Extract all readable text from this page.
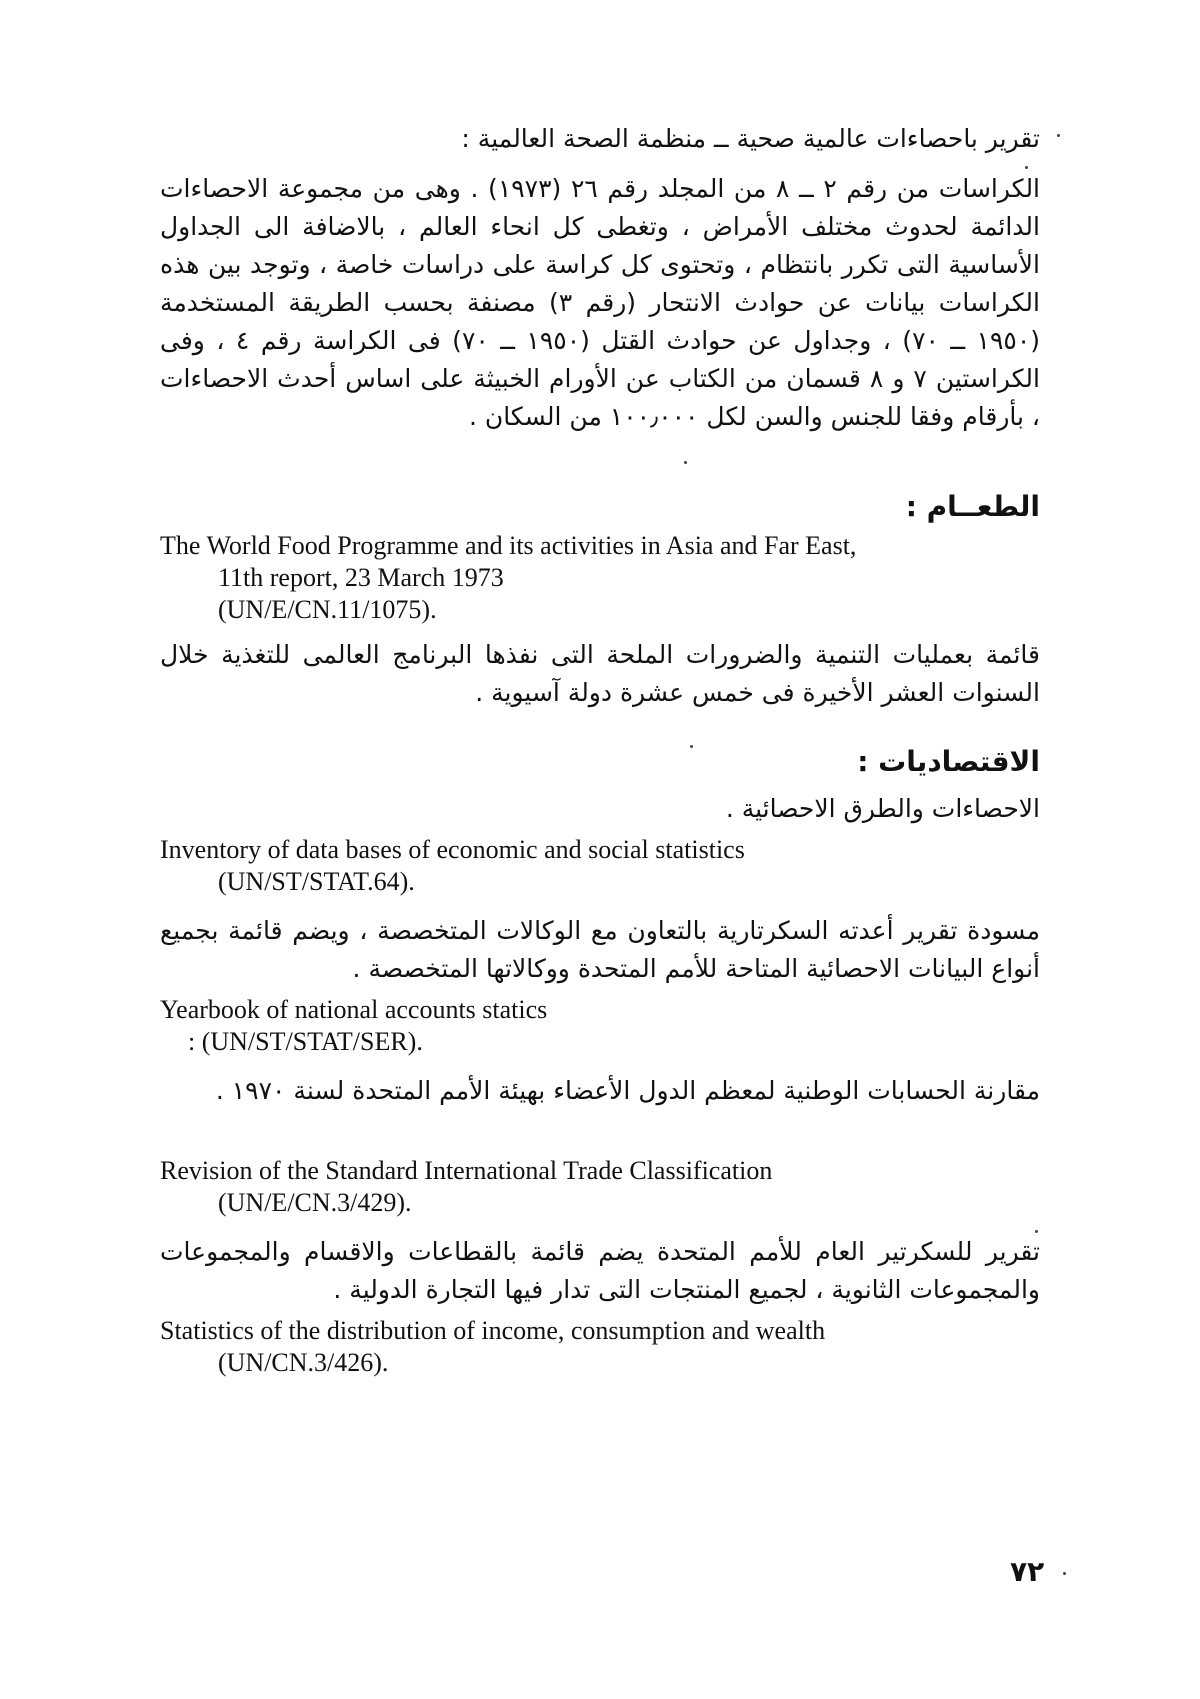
تقرير باحصاءات عالمية صحية ــ منظمة الصحة العالمية :

الكراسات من رقم ٢ ــ ٨ من المجلد رقم ٢٦ (١٩٧٣) . وهى من مجموعة الاحصاءات الدائمة لحدوث مختلف الأمراض ، وتغطى كل انحاء العالم ، بالاضافة الى الجداول الأساسية التى تكرر بانتظام ، وتحتوى كل كراسة على دراسات خاصة ، وتوجد بين هذه الكراسات بيانات عن حوادث الانتحار (رقم ٣) مصنفة بحسب الطريقة المستخدمة (١٩٥٠ ــ ٧٠) ، وجداول عن حوادث القتل (١٩٥٠ ــ ٧٠) فى الكراسة رقم ٤ ، وفى الكراستين ٧ و ٨ قسمان من الكتاب عن الأورام الخبيثة على اساس أحدث الاحصاءات ، بأرقام وفقا للجنس والسن لكل ١٠٠٫٠٠٠ من السكان .

الطعــام :

The World Food Programme and its activities in Asia and Far East,
11th report, 23 March 1973
(UN/E/CN.11/1075).

قائمة بعمليات التنمية والضرورات الملحة التى نفذها البرنامج العالمى للتغذية خلال السنوات العشر الأخيرة فى خمس عشرة دولة آسيوية .

الاقتصاديات :

الاحصاءات والطرق الاحصائية .

Inventory of data bases of economic and social statistics
(UN/ST/STAT.64).

مسودة تقرير أعدته السكرتارية بالتعاون مع الوكالات المتخصصة ، ويضم قائمة بجميع أنواع البيانات الاحصائية المتاحة للأمم المتحدة ووكالاتها المتخصصة .

Yearbook of national accounts statics
: (UN/ST/STAT/SER).

مقارنة الحسابات الوطنية لمعظم الدول الأعضاء بهيئة الأمم المتحدة لسنة ١٩٧٠ .

Revision of the Standard International Trade Classification
(UN/E/CN.3/429).

تقرير للسكرتير العام للأمم المتحدة يضم قائمة بالقطاعات والاقسام والمجموعات والمجموعات الثانوية ، لجميع المنتجات التى تدار فيها التجارة الدولية .

Statistics of the distribution of income, consumption and wealth
(UN/CN.3/426).
٧٢
